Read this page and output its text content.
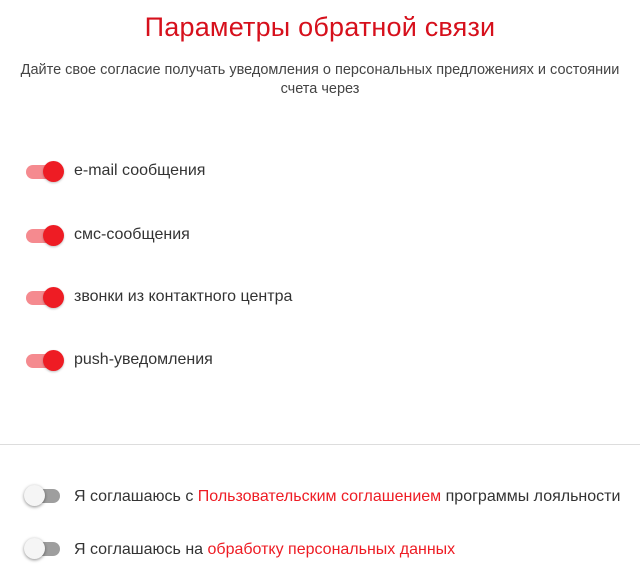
Параметры обратной связи
Дайте свое согласие получать уведомления о персональных предложениях и состоянии счета через
e-mail сообщения
смс-сообщения
звонки из контактного центра
push-уведомления
Я соглашаюсь с Пользовательским соглашением программы лояльности
Я соглашаюсь на обработку персональных данных
